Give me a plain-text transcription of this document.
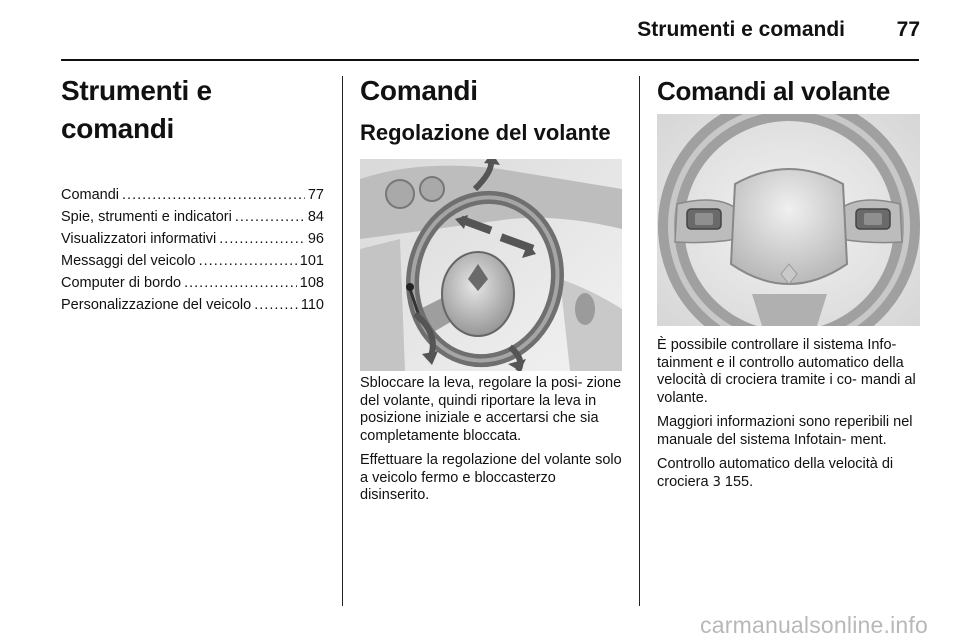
Strumenti e comandi	77
Strumenti e comandi
Comandi .....	77
Spie, strumenti e indicatori .....	84
Visualizzatori informativi .....	96
Messaggi del veicolo .....	101
Computer di bordo .....	108
Personalizzazione del veicolo .....	110
Comandi
Regolazione del volante

Sbloccare la leva, regolare la posi- zione del volante, quindi riportare la leva in posizione iniziale e accertarsi che sia completamente bloccata.

Effettuare la regolazione del volante solo a veicolo fermo e bloccasterzo disinserito.

Comandi al volante

È possibile controllare il sistema Info- tainment e il controllo automatico della velocità di crociera tramite i co- mandi al volante.

Maggiori informazioni sono reperibili nel manuale del sistema Infotain- ment.

Controllo automatico della velocità di crociera 3 155.

carmanualsonline.info
